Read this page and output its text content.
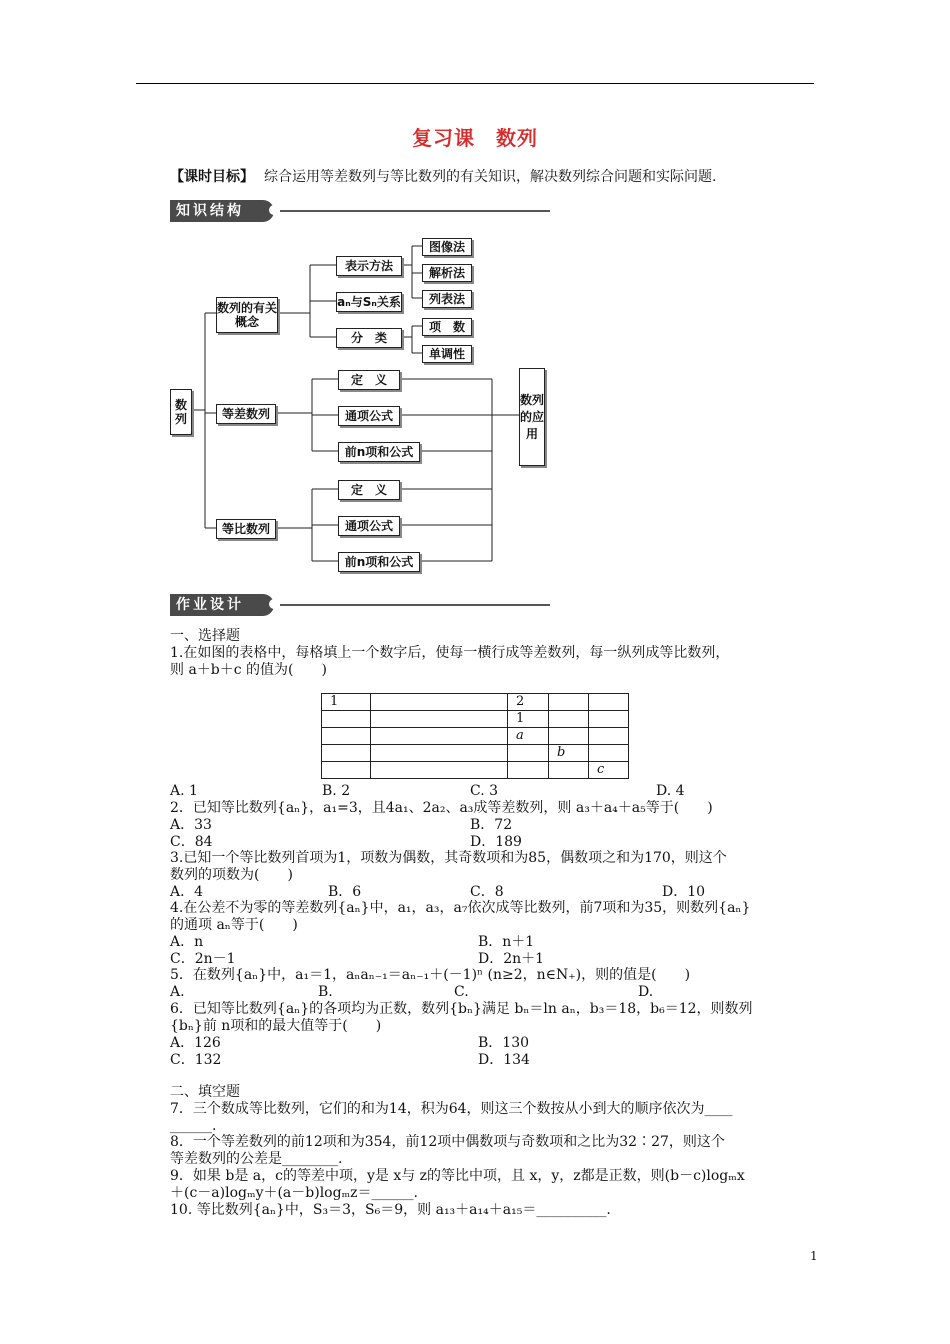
复习课　数列
【课时目标】 综合运用等差数列与等比数列的有关知识，解决数列综合问题和实际问题.
知识结构
数列
数列的有关概念
表示方法
图像法
解析法
列表法
aₙ与Sₙ关系
分　类
项　数
单调性
等差数列
定　义
通项公式
前n项和公式
等比数列
定　义
通项公式
前n项和公式
数列的应用
作业设计
一、选择题
1.在如图的表格中，每格填上一个数字后，使每一横行成等差数列，每一纵列成等比数列，
则 a＋b＋c 的值为(　　)
1		2		
		1		
		a		
			b	
				c
A. 1	B. 2	C. 3	D. 4
2．已知等比数列{aₙ}，a₁=3，且4a₁、2a₂、a₃成等差数列，则 a₃＋a₄＋a₅等于(　　)
A．33	B．72
C．84	D．189
3.已知一个等比数列首项为1，项数为偶数，其奇数项和为85，偶数项之和为170，则这个
数列的项数为(　　)
A．4	B．6	C．8	D．10
4.在公差不为零的等差数列{aₙ}中，a₁，a₃，a₇依次成等比数列，前7项和为35，则数列{aₙ}
的通项 aₙ等于(　　)
A．n	B．n＋1
C．2n－1	D．2n＋1
5．在数列{aₙ}中，a₁＝1，aₙaₙ₋₁＝aₙ₋₁＋(－1)ⁿ (n≥2，n∈N₊)，则的值是(　　)
A.	B.	C.	D.
6．已知等比数列{aₙ}的各项均为正数，数列{bₙ}满足 bₙ＝ln aₙ，b₃＝18，b₆＝12，则数列
{bₙ}前 n项和的最大值等于(　　)
A．126	B．130
C．132	D．134
二、填空题
7．三个数成等比数列，它们的和为14，积为64，则这三个数按从小到大的顺序依次为____
______.
8．一个等差数列的前12项和为354，前12项中偶数项与奇数项和之比为32∶27，则这个
等差数列的公差是________.
9．如果 b是 a，c的等差中项，y是 x与 z的等比中项，且 x，y，z都是正数，则(b－c)logₘx
＋(c－a)logₘy＋(a－b)logₘz＝______.
10. 等比数列{aₙ}中，S₃＝3，S₆＝9，则 a₁₃＋a₁₄＋a₁₅＝__________.
1
